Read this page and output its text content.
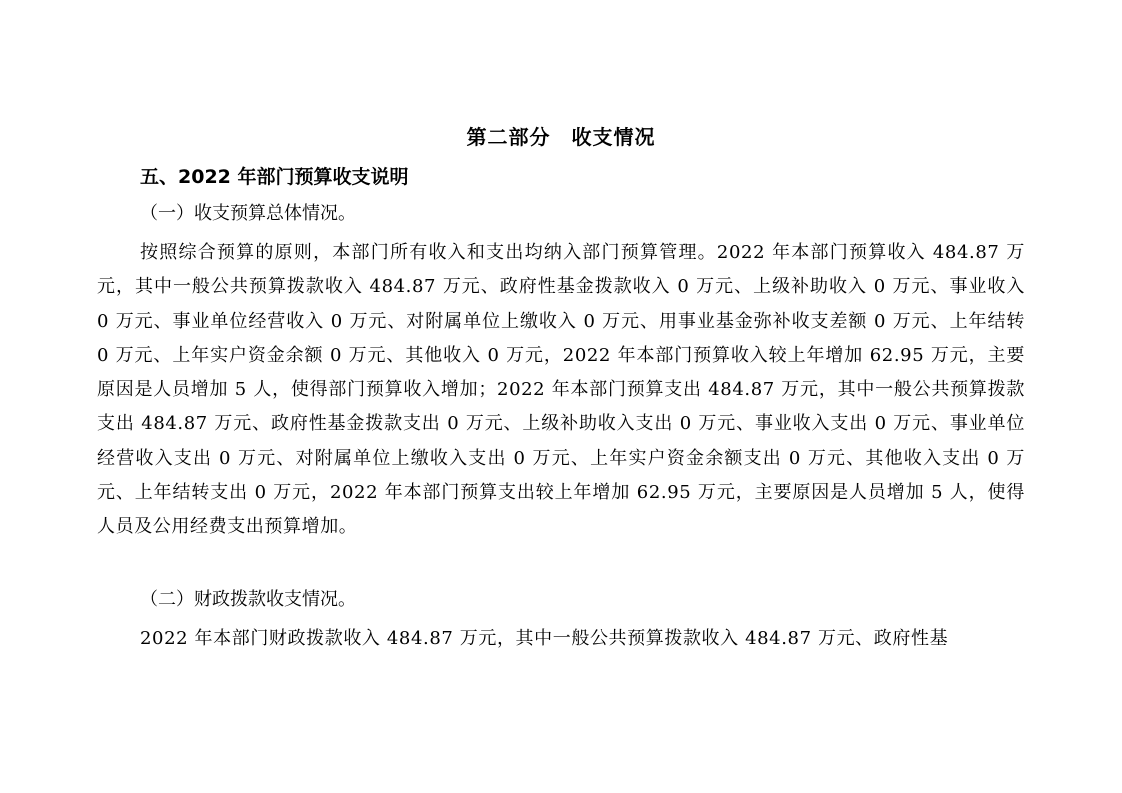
第二部分　收支情况
五、2022 年部门预算收支说明
（一）收支预算总体情况。

按照综合预算的原则，本部门所有收入和支出均纳入部门预算管理。2022 年本部门预算收入 484.87 万元，其中一般公共预算拨款收入 484.87 万元、政府性基金拨款收入 0 万元、上级补助收入 0 万元、事业收入 0 万元、事业单位经营收入 0 万元、对附属单位上缴收入 0 万元、用事业基金弥补收支差额 0 万元、上年结转 0 万元、上年实户资金余额 0 万元、其他收入 0 万元，2022 年本部门预算收入较上年增加 62.95 万元，主要原因是人员增加 5 人，使得部门预算收入增加；2022 年本部门预算支出 484.87 万元，其中一般公共预算拨款支出 484.87 万元、政府性基金拨款支出 0 万元、上级补助收入支出 0 万元、事业收入支出 0 万元、事业单位经营收入支出 0 万元、对附属单位上缴收入支出 0 万元、上年实户资金余额支出 0 万元、其他收入支出 0 万元、上年结转支出 0 万元，2022 年本部门预算支出较上年增加 62.95 万元，主要原因是人员增加 5 人，使得人员及公用经费支出预算增加。

（二）财政拨款收支情况。

2022 年本部门财政拨款收入 484.87 万元，其中一般公共预算拨款收入 484.87 万元、政府性基
